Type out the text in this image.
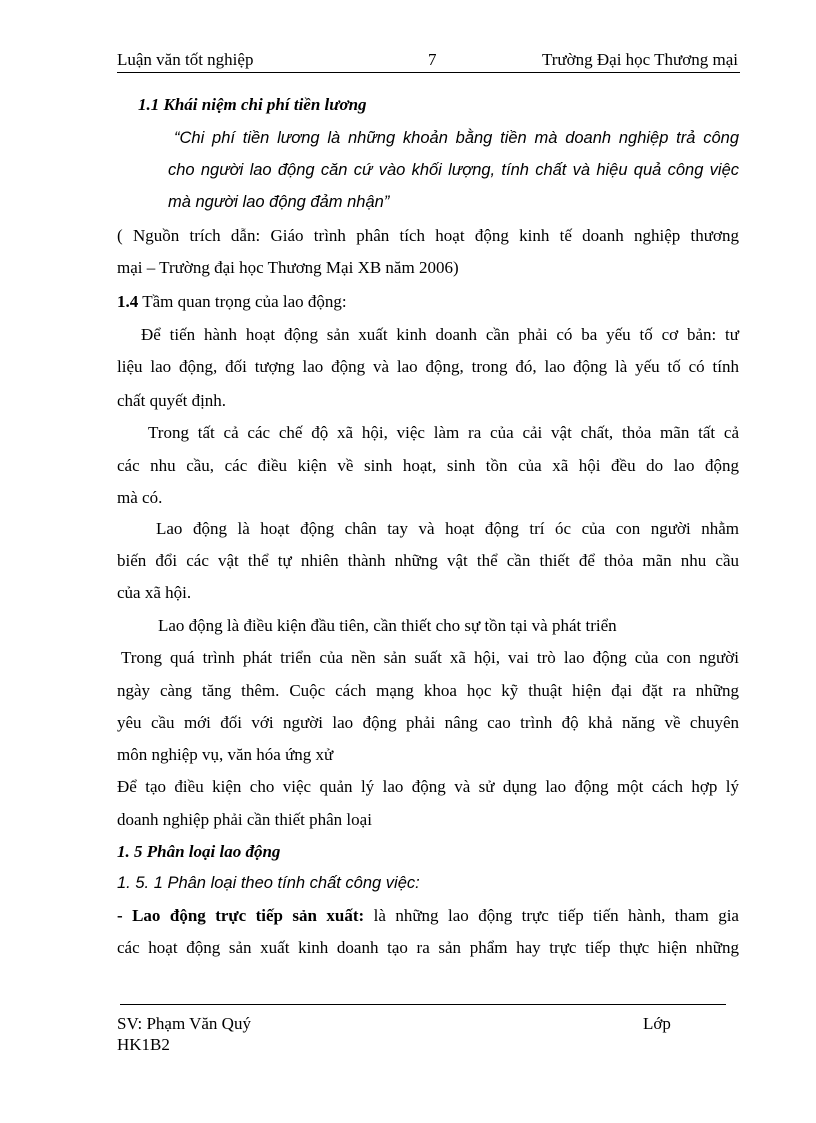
Luận văn tốt nghiệp	7	Trường Đại học Thương mại
1.1 Khái niệm chi phí tiền lương
“Chi phí tiền lương là những khoản bằng tiền mà doanh nghiệp trả công
cho người lao động căn cứ vào khối lượng, tính chất và hiệu quả công việc
mà người lao động đảm nhận”
( Nguồn trích dẫn: Giáo trình phân tích hoạt động kinh tế doanh nghiệp thương
mại – Trường đại học Thương Mại XB năm 2006)
1.4 Tầm quan trọng của lao động:
Để tiến hành hoạt động sản xuất kinh doanh cần phải có ba yếu tố cơ bản: tư
liệu lao động, đối tượng lao động và lao động, trong đó, lao động là yếu tố có tính
chất quyết định.
Trong tất cả các chế độ xã hội, việc làm ra của cải vật chất, thỏa mãn tất cả
các nhu cầu, các điều kiện về sinh hoạt, sinh tồn của xã hội đều do lao động
mà có.
Lao động là hoạt động chân tay và hoạt động trí óc của con người nhằm
biến đổi các vật thể tự nhiên thành những vật thể cần thiết để thỏa mãn nhu cầu
của xã hội.
Lao động là điều kiện đầu tiên, cần thiết cho sự tồn tại và phát triển
Trong quá trình phát triển của nền sản suất xã hội, vai trò lao động của con người
ngày càng tăng thêm. Cuộc cách mạng khoa học kỹ thuật hiện đại đặt ra những
yêu cầu mới đối với người lao động phải nâng cao trình độ khả năng về chuyên
môn nghiệp vụ, văn hóa ứng xử
Để tạo điều kiện cho việc quản lý lao động và sử dụng lao động một cách hợp lý
doanh nghiệp phải cần thiết phân loại
1. 5 Phân loại lao động
1. 5. 1 Phân loại theo tính chất công việc:
- Lao động trực tiếp sản xuất: là những lao động trực tiếp tiến hành, tham gia
các hoạt động sản xuất kinh doanh tạo ra sản phẩm hay trực tiếp thực hiện những
SV: Phạm Văn Quý	Lớp
HK1B2
